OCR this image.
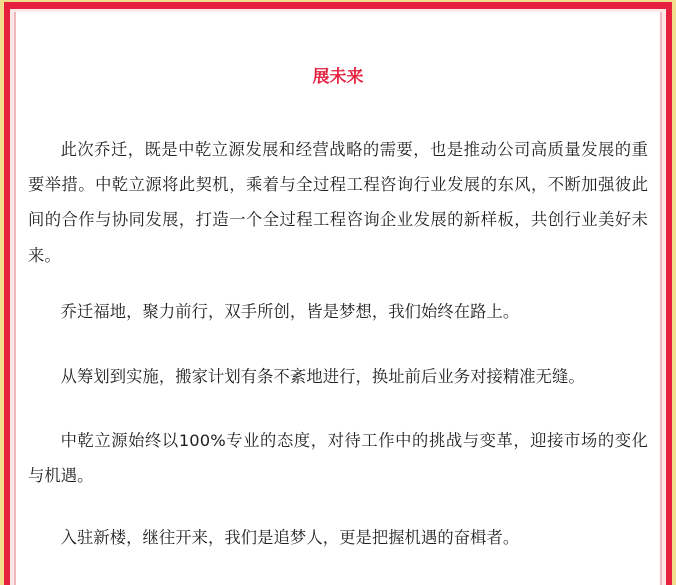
展未来

此次乔迁，既是中乾立源发展和经营战略的需要，也是推动公司高质量发展的重要举措。中乾立源将此契机，乘着与全过程工程咨询行业发展的东风，不断加强彼此间的合作与协同发展，打造一个全过程工程咨询企业发展的新样板，共创行业美好未来。

乔迁福地，聚力前行，双手所创，皆是梦想，我们始终在路上。

从筹划到实施，搬家计划有条不紊地进行，换址前后业务对接精准无缝。

中乾立源始终以100%专业的态度，对待工作中的挑战与变革，迎接市场的变化与机遇。

入驻新楼，继往开来，我们是追梦人，更是把握机遇的奋楫者。
